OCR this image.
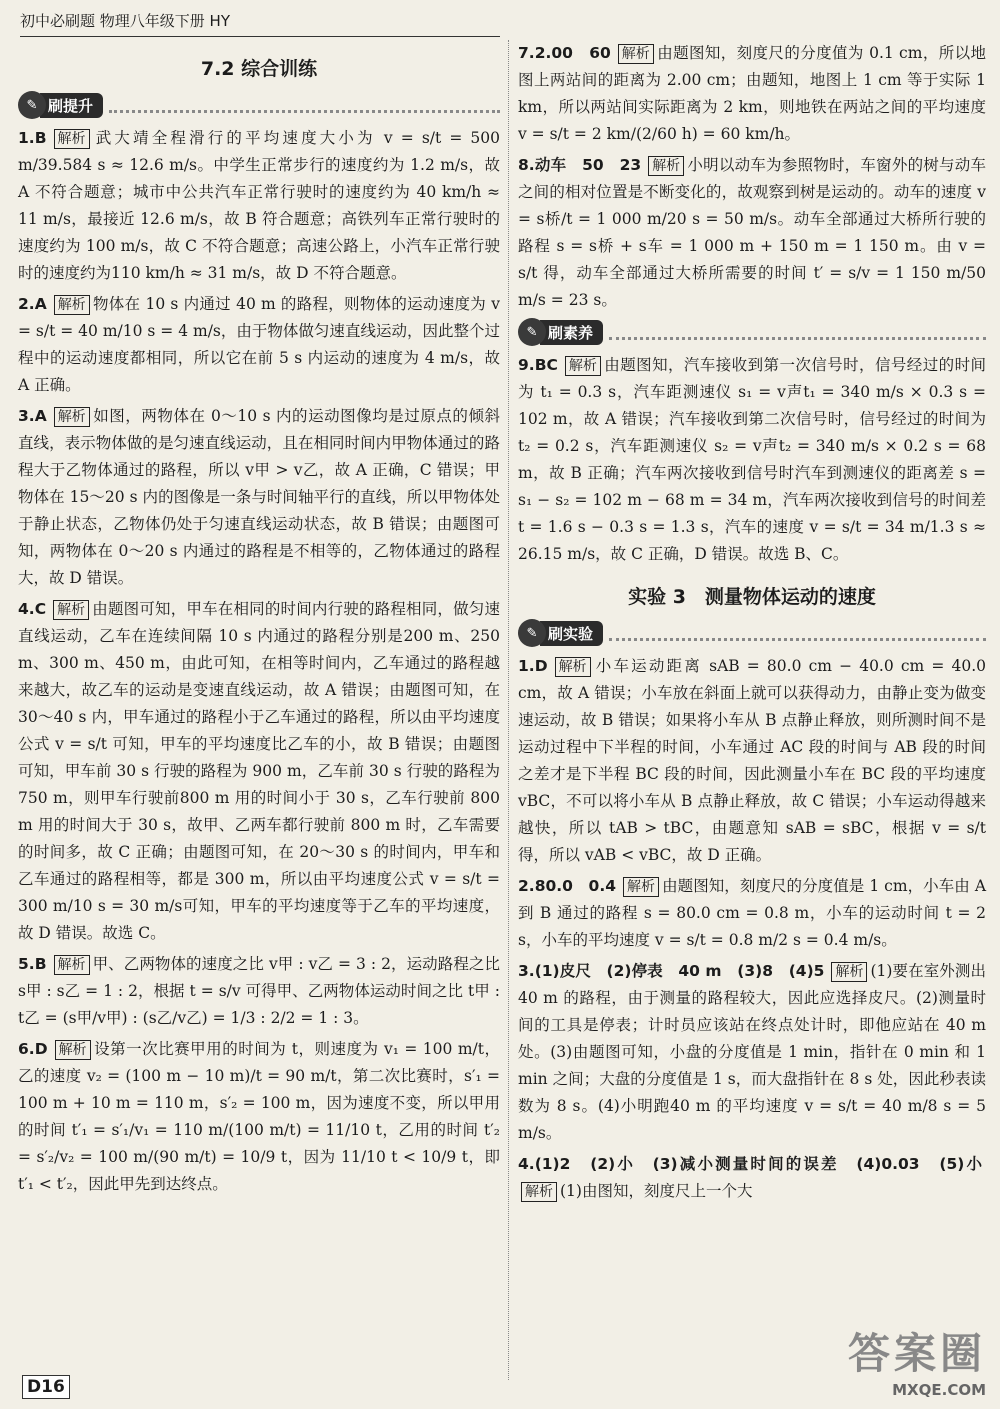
初中必刷题 物理八年级下册 HY
7.2 综合训练
✎ 刷提升

1.B 解析 武大靖全程滑行的平均速度大小为 v = s/t = 500 m/39.584 s ≈ 12.6 m/s。中学生正常步行的速度约为 1.2 m/s，故 A 不符合题意；城市中公共汽车正常行驶时的速度约为 40 km/h ≈ 11 m/s，最接近 12.6 m/s，故 B 符合题意；高铁列车正常行驶时的速度约为 100 m/s，故 C 不符合题意；高速公路上，小汽车正常行驶时的速度约为110 km/h ≈ 31 m/s，故 D 不符合题意。

2.A 解析 物体在 10 s 内通过 40 m 的路程，则物体的运动速度为 v = s/t = 40 m/10 s = 4 m/s，由于物体做匀速直线运动，因此整个过程中的运动速度都相同，所以它在前 5 s 内运动的速度为 4 m/s，故 A 正确。

3.A 解析 如图，两物体在 0～10 s 内的运动图像均是过原点的倾斜直线，表示物体做的是匀速直线运动，且在相同时间内甲物体通过的路程大于乙物体通过的路程，所以 v甲 > v乙，故 A 正确，C 错误；甲物体在 15～20 s 内的图像是一条与时间轴平行的直线，所以甲物体处于静止状态，乙物体仍处于匀速直线运动状态，故 B 错误；由题图可知，两物体在 0～20 s 内通过的路程是不相等的，乙物体通过的路程大，故 D 错误。

4.C 解析 由题图可知，甲车在相同的时间内行驶的路程相同，做匀速直线运动，乙车在连续间隔 10 s 内通过的路程分别是200 m、250 m、300 m、450 m，由此可知，在相等时间内，乙车通过的路程越来越大，故乙车的运动是变速直线运动，故 A 错误；由题图可知，在30～40 s 内，甲车通过的路程小于乙车通过的路程，所以由平均速度公式 v = s/t 可知，甲车的平均速度比乙车的小，故 B 错误；由题图可知，甲车前 30 s 行驶的路程为 900 m，乙车前 30 s 行驶的路程为750 m，则甲车行驶前800 m 用的时间小于 30 s，乙车行驶前 800 m 用的时间大于 30 s，故甲、乙两车都行驶前 800 m 时，乙车需要的时间多，故 C 正确；由题图可知，在 20～30 s 的时间内，甲车和乙车通过的路程相等，都是 300 m，所以由平均速度公式 v = s/t = 300 m/10 s = 30 m/s可知，甲车的平均速度等于乙车的平均速度，故 D 错误。故选 C。

5.B 解析 甲、乙两物体的速度之比 v甲 : v乙 = 3 : 2，运动路程之比 s甲 : s乙 = 1 : 2，根据 t = s/v 可得甲、乙两物体运动时间之比 t甲 : t乙 = (s甲/v甲) : (s乙/v乙) = 1/3 : 2/2 = 1 : 3。

6.D 解析 设第一次比赛甲用的时间为 t，则速度为 v₁ = 100 m/t，乙的速度 v₂ = (100 m − 10 m)/t = 90 m/t，第二次比赛时，s′₁ = 100 m + 10 m = 110 m，s′₂ = 100 m，因为速度不变，所以甲用的时间 t′₁ = s′₁/v₁ = 110 m/(100 m/t) = 11/10 t，乙用的时间 t′₂ = s′₂/v₂ = 100 m/(90 m/t) = 10/9 t，因为 11/10 t < 10/9 t，即 t′₁ < t′₂，因此甲先到达终点。

7.2.00　60 解析 由题图知，刻度尺的分度值为 0.1 cm，所以地图上两站间的距离为 2.00 cm；由题知，地图上 1 cm 等于实际 1 km，所以两站间实际距离为 2 km，则地铁在两站之间的平均速度 v = s/t = 2 km/(2/60 h) = 60 km/h。

8.动车　50　23 解析 小明以动车为参照物时，车窗外的树与动车之间的相对位置是不断变化的，故观察到树是运动的。动车的速度 v = s桥/t = 1 000 m/20 s = 50 m/s。动车全部通过大桥所行驶的路程 s = s桥 + s车 = 1 000 m + 150 m = 1 150 m。由 v = s/t 得，动车全部通过大桥所需要的时间 t′ = s/v = 1 150 m/50 m/s = 23 s。

✎ 刷素养

9.BC 解析 由题图知，汽车接收到第一次信号时，信号经过的时间为 t₁ = 0.3 s，汽车距测速仪 s₁ = v声t₁ = 340 m/s × 0.3 s = 102 m，故 A 错误；汽车接收到第二次信号时，信号经过的时间为 t₂ = 0.2 s，汽车距测速仪 s₂ = v声t₂ = 340 m/s × 0.2 s = 68 m，故 B 正确；汽车两次接收到信号时汽车到测速仪的距离差 s = s₁ − s₂ = 102 m − 68 m = 34 m，汽车两次接收到信号的时间差 t = 1.6 s − 0.3 s = 1.3 s，汽车的速度 v = s/t = 34 m/1.3 s ≈ 26.15 m/s，故 C 正确，D 错误。故选 B、C。

实验 3　测量物体运动的速度
✎ 刷实验

1.D 解析 小车运动距离 sAB = 80.0 cm − 40.0 cm = 40.0 cm，故 A 错误；小车放在斜面上就可以获得动力，由静止变为做变速运动，故 B 错误；如果将小车从 B 点静止释放，则所测时间不是运动过程中下半程的时间，小车通过 AC 段的时间与 AB 段的时间之差才是下半程 BC 段的时间，因此测量小车在 BC 段的平均速度 vBC，不可以将小车从 B 点静止释放，故 C 错误；小车运动得越来越快，所以 tAB > tBC，由题意知 sAB = sBC，根据 v = s/t 得，所以 vAB < vBC，故 D 正确。

2.80.0　0.4 解析 由题图知，刻度尺的分度值是 1 cm，小车由 A 到 B 通过的路程 s = 80.0 cm = 0.8 m，小车的运动时间 t = 2 s，小车的平均速度 v = s/t = 0.8 m/2 s = 0.4 m/s。

3.(1)皮尺　(2)停表　40 m　(3)8　(4)5 解析 (1)要在室外测出 40 m 的路程，由于测量的路程较大，因此应选择皮尺。(2)测量时间的工具是停表；计时员应该站在终点处计时，即他应站在 40 m 处。(3)由题图可知，小盘的分度值是 1 min，指针在 0 min 和 1 min 之间；大盘的分度值是 1 s，而大盘指针在 8 s 处，因此秒表读数为 8 s。(4)小明跑40 m 的平均速度 v = s/t = 40 m/8 s = 5 m/s。

4.(1)2　(2)小　(3)减小测量时间的误差　(4)0.03　(5)小解析 (1)由图知，刻度尺上一个大

D16
答案圈
MXQE.COM
